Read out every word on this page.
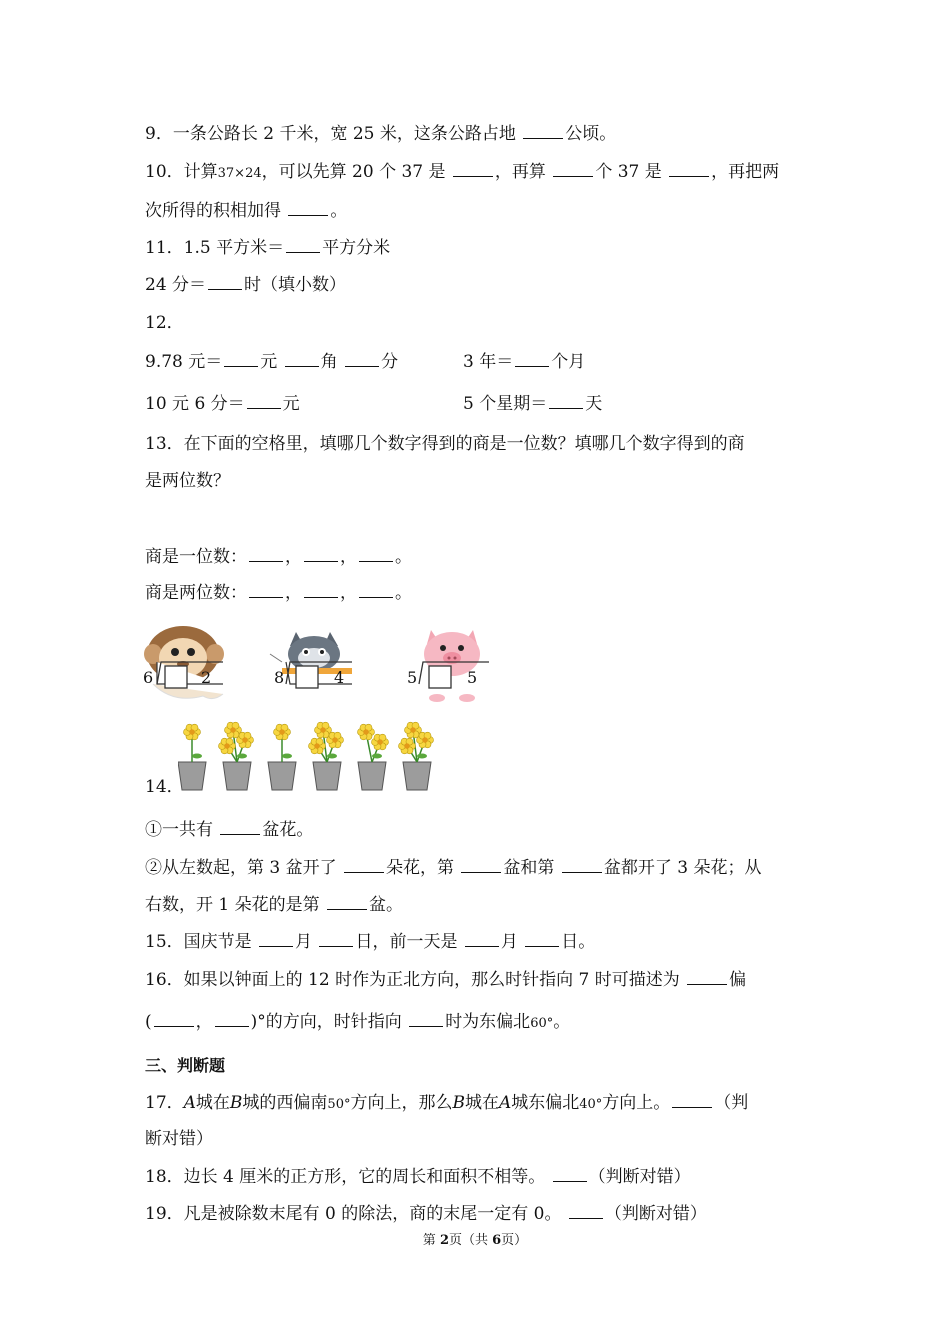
9．一条公路长 2 千米，宽 25 米，这条公路占地	公顷。
10．计算37×24，可以先算 20 个 37 是	，再算	个 37 是	，再把两
次所得的积相加得	。
11．1.5 平方米＝ 平方分米
24 分＝ 时（填小数）
12．
9.78 元＝ 元 角 分	3 年＝ 个月
10 元 6 分＝ 元	5 个星期＝ 天
13．在下面的空格里，填哪几个数字得到的商是一位数？填哪几个数字得到的商
是两位数？
商是一位数： ， ， 。
商是两位数： ， ， 。
6	2	8	4	5	5
14．
①一共有	盆花。
②从左数起，第 3 盆开了	朵花，第	盆和第	盆都开了 3 朵花；从
右数，开 1 朵花的是第	盆。
15．国庆节是 月 日，前一天是 月 日。
16．如果以钟面上的 12 时作为正北方向，那么时针指向 7 时可描述为	偏
(	， )°的方向，时针指向 时为东偏北60°。
三、判断题
17．A城在B城的西偏南50°方向上，那么B城在A城东偏北40°方向上。	（判
断对错）
18．边长 4 厘米的正方形，它的周长和面积不相等。 （判断对错）
19．凡是被除数末尾有 0 的除法，商的末尾一定有 0。 （判断对错）
第 2页（共 6页）
